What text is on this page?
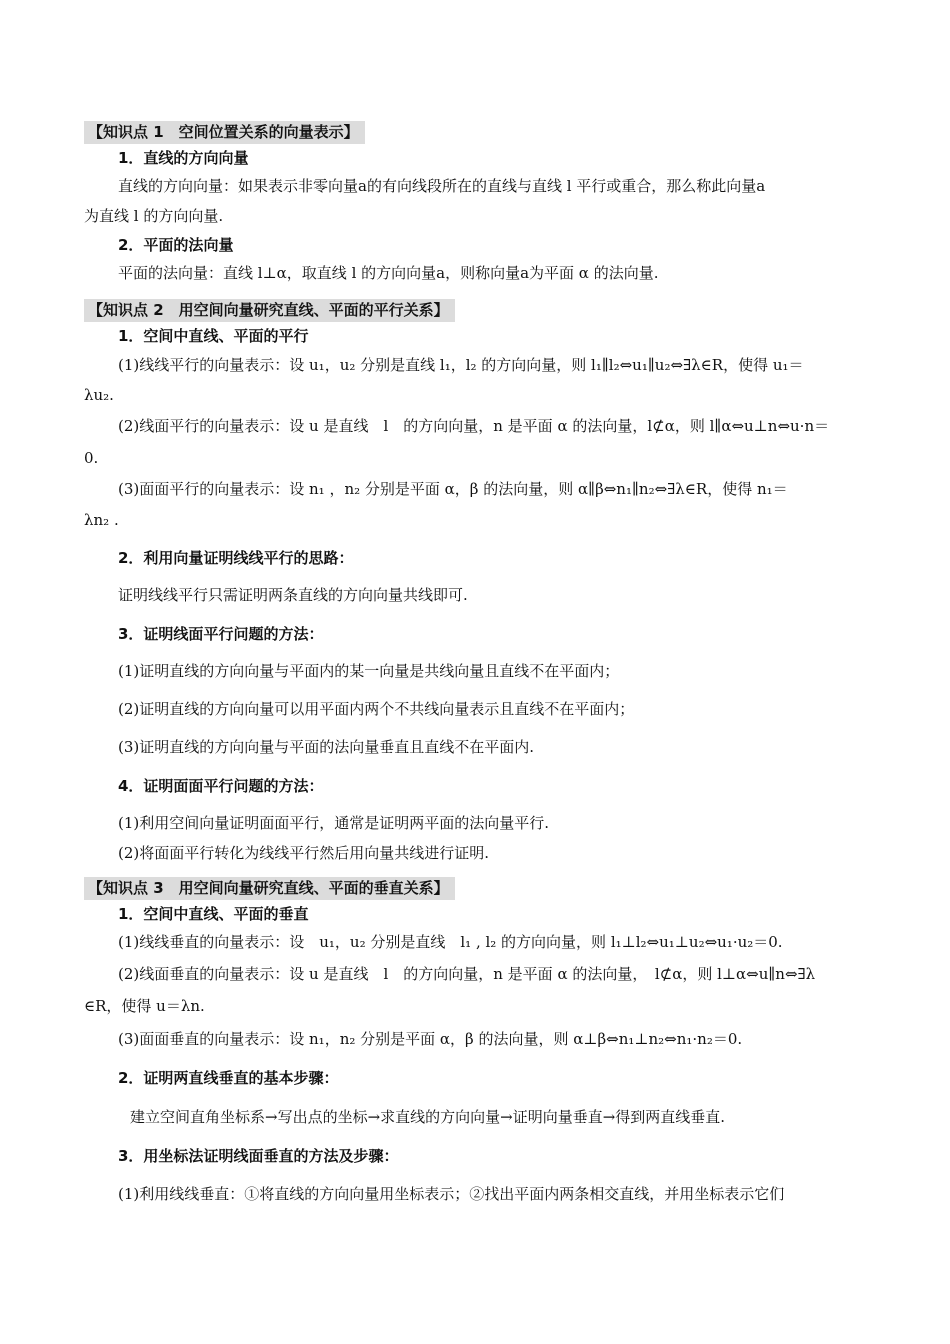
【知识点 1　空间位置关系的向量表示】
1．直线的方向向量
直线的方向向量：如果表示非零向量a的有向线段所在的直线与直线 l 平行或重合，那么称此向量a
为直线 l 的方向向量.
2．平面的法向量
平面的法向量：直线 l⊥α，取直线 l 的方向向量a，则称向量a为平面 α 的法向量.
【知识点 2　用空间向量研究直线、平面的平行关系】
1．空间中直线、平面的平行
(1)线线平行的向量表示：设 u₁，u₂ 分别是直线 l₁，l₂ 的方向向量，则 l₁∥l₂⇔u₁∥u₂⇔∃λ∈R，使得 u₁＝
λu₂.
(2)线面平行的向量表示：设 u 是直线　l　的方向向量，n 是平面 α 的法向量，l⊄α，则 l∥α⇔u⊥n⇔u·n＝
0.
(3)面面平行的向量表示：设 n₁ ，n₂ 分别是平面 α，β 的法向量，则 α∥β⇔n₁∥n₂⇔∃λ∈R，使得 n₁＝
λn₂ .
2．利用向量证明线线平行的思路：
证明线线平行只需证明两条直线的方向向量共线即可.
3．证明线面平行问题的方法：
(1)证明直线的方向向量与平面内的某一向量是共线向量且直线不在平面内；
(2)证明直线的方向向量可以用平面内两个不共线向量表示且直线不在平面内；
(3)证明直线的方向向量与平面的法向量垂直且直线不在平面内.
4．证明面面平行问题的方法：
(1)利用空间向量证明面面平行，通常是证明两平面的法向量平行.
(2)将面面平行转化为线线平行然后用向量共线进行证明.
【知识点 3　用空间向量研究直线、平面的垂直关系】
1．空间中直线、平面的垂直
(1)线线垂直的向量表示：设　u₁，u₂ 分别是直线　l₁ , l₂ 的方向向量，则 l₁⊥l₂⇔u₁⊥u₂⇔u₁·u₂＝0.
(2)线面垂直的向量表示：设 u 是直线　l　的方向向量，n 是平面 α 的法向量，　l⊄α，则 l⊥α⇔u∥n⇔∃λ
∈R，使得 u＝λn.
(3)面面垂直的向量表示：设 n₁，n₂ 分别是平面 α，β 的法向量，则 α⊥β⇔n₁⊥n₂⇔n₁·n₂＝0.
2．证明两直线垂直的基本步骤：
建立空间直角坐标系→写出点的坐标→求直线的方向向量→证明向量垂直→得到两直线垂直.
3．用坐标法证明线面垂直的方法及步骤：
(1)利用线线垂直：①将直线的方向向量用坐标表示；②找出平面内两条相交直线，并用坐标表示它们
